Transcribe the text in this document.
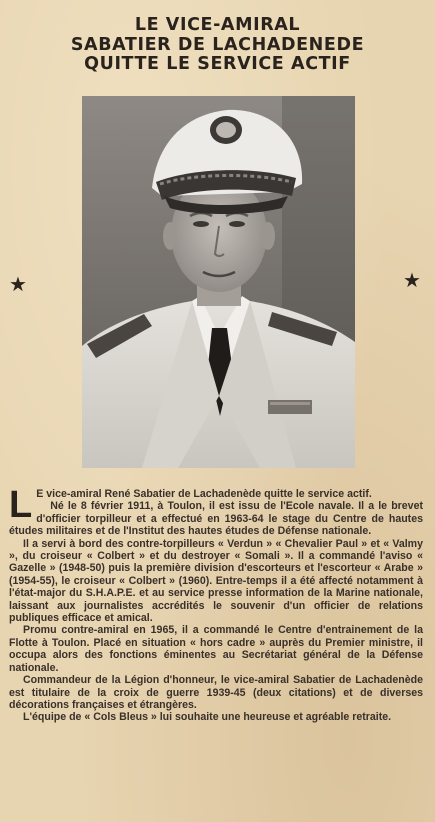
LE VICE-AMIRAL
SABATIER DE LACHADENEDE
QUITTE LE SERVICE ACTIF
★	★

L E vice-amiral René Sabatier de Lachadenède quitte le service actif.

Né le 8 février 1911, à Toulon, il est issu de l'Ecole navale. Il a le brevet d'officier torpilleur et a effectué en 1963-64 le stage du Centre de hautes études militaires et de l'Institut des hautes études de Défense nationale.

Il a servi à bord des contre-torpilleurs « Verdun » « Chevalier Paul » et « Valmy », du croiseur « Colbert » et du destroyer « Somali ». Il a commandé l'aviso « Gazelle » (1948-50) puis la première division d'escorteurs et l'escorteur « Arabe » (1954-55), le croiseur « Colbert » (1960). Entre-temps il a été affecté notamment à l'état-major du S.H.A.P.E. et au service presse information de la Marine nationale, laissant aux journalistes accrédités le souvenir d'un officier de relations publiques efficace et amical.

Promu contre-amiral en 1965, il a commandé le Centre d'entrainement de la Flotte à Toulon. Placé en situation « hors cadre » auprès du Premier ministre, il occupa alors des fonctions éminentes au Secrétariat général de la Défense nationale.

Commandeur de la Légion d'honneur, le vice-amiral Sabatier de Lachadenède est titulaire de la croix de guerre 1939-45 (deux citations) et de diverses décorations françaises et étrangères.

L'équipe de « Cols Bleus » lui souhaite une heureuse et agréable retraite.
